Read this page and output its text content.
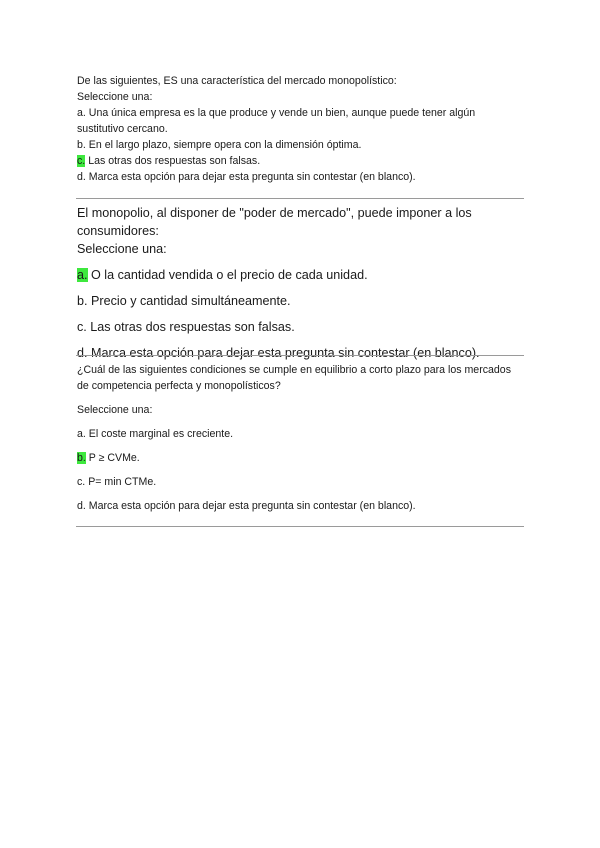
De las siguientes, ES una característica del mercado monopolístico:

Seleccione una:

a. Una única empresa es la que produce y vende un bien, aunque puede tener algún sustitutivo cercano.

b. En el largo plazo, siempre opera con la dimensión óptima.

c. Las otras dos respuestas son falsas.

d. Marca esta opción para dejar esta pregunta sin contestar (en blanco).

El monopolio, al disponer de "poder de mercado", puede imponer a los consumidores:

Seleccione una:

a. O la cantidad vendida o el precio de cada unidad.

b. Precio y cantidad simultáneamente.

c. Las otras dos respuestas son falsas.

d. Marca esta opción para dejar esta pregunta sin contestar (en blanco).

¿Cuál de las siguientes condiciones se cumple en equilibrio a corto plazo para los mercados de competencia perfecta y monopolísticos?

Seleccione una:

a. El coste marginal es creciente.

b. P ≥ CVMe.

c. P= min CTMe.

d. Marca esta opción para dejar esta pregunta sin contestar (en blanco).
